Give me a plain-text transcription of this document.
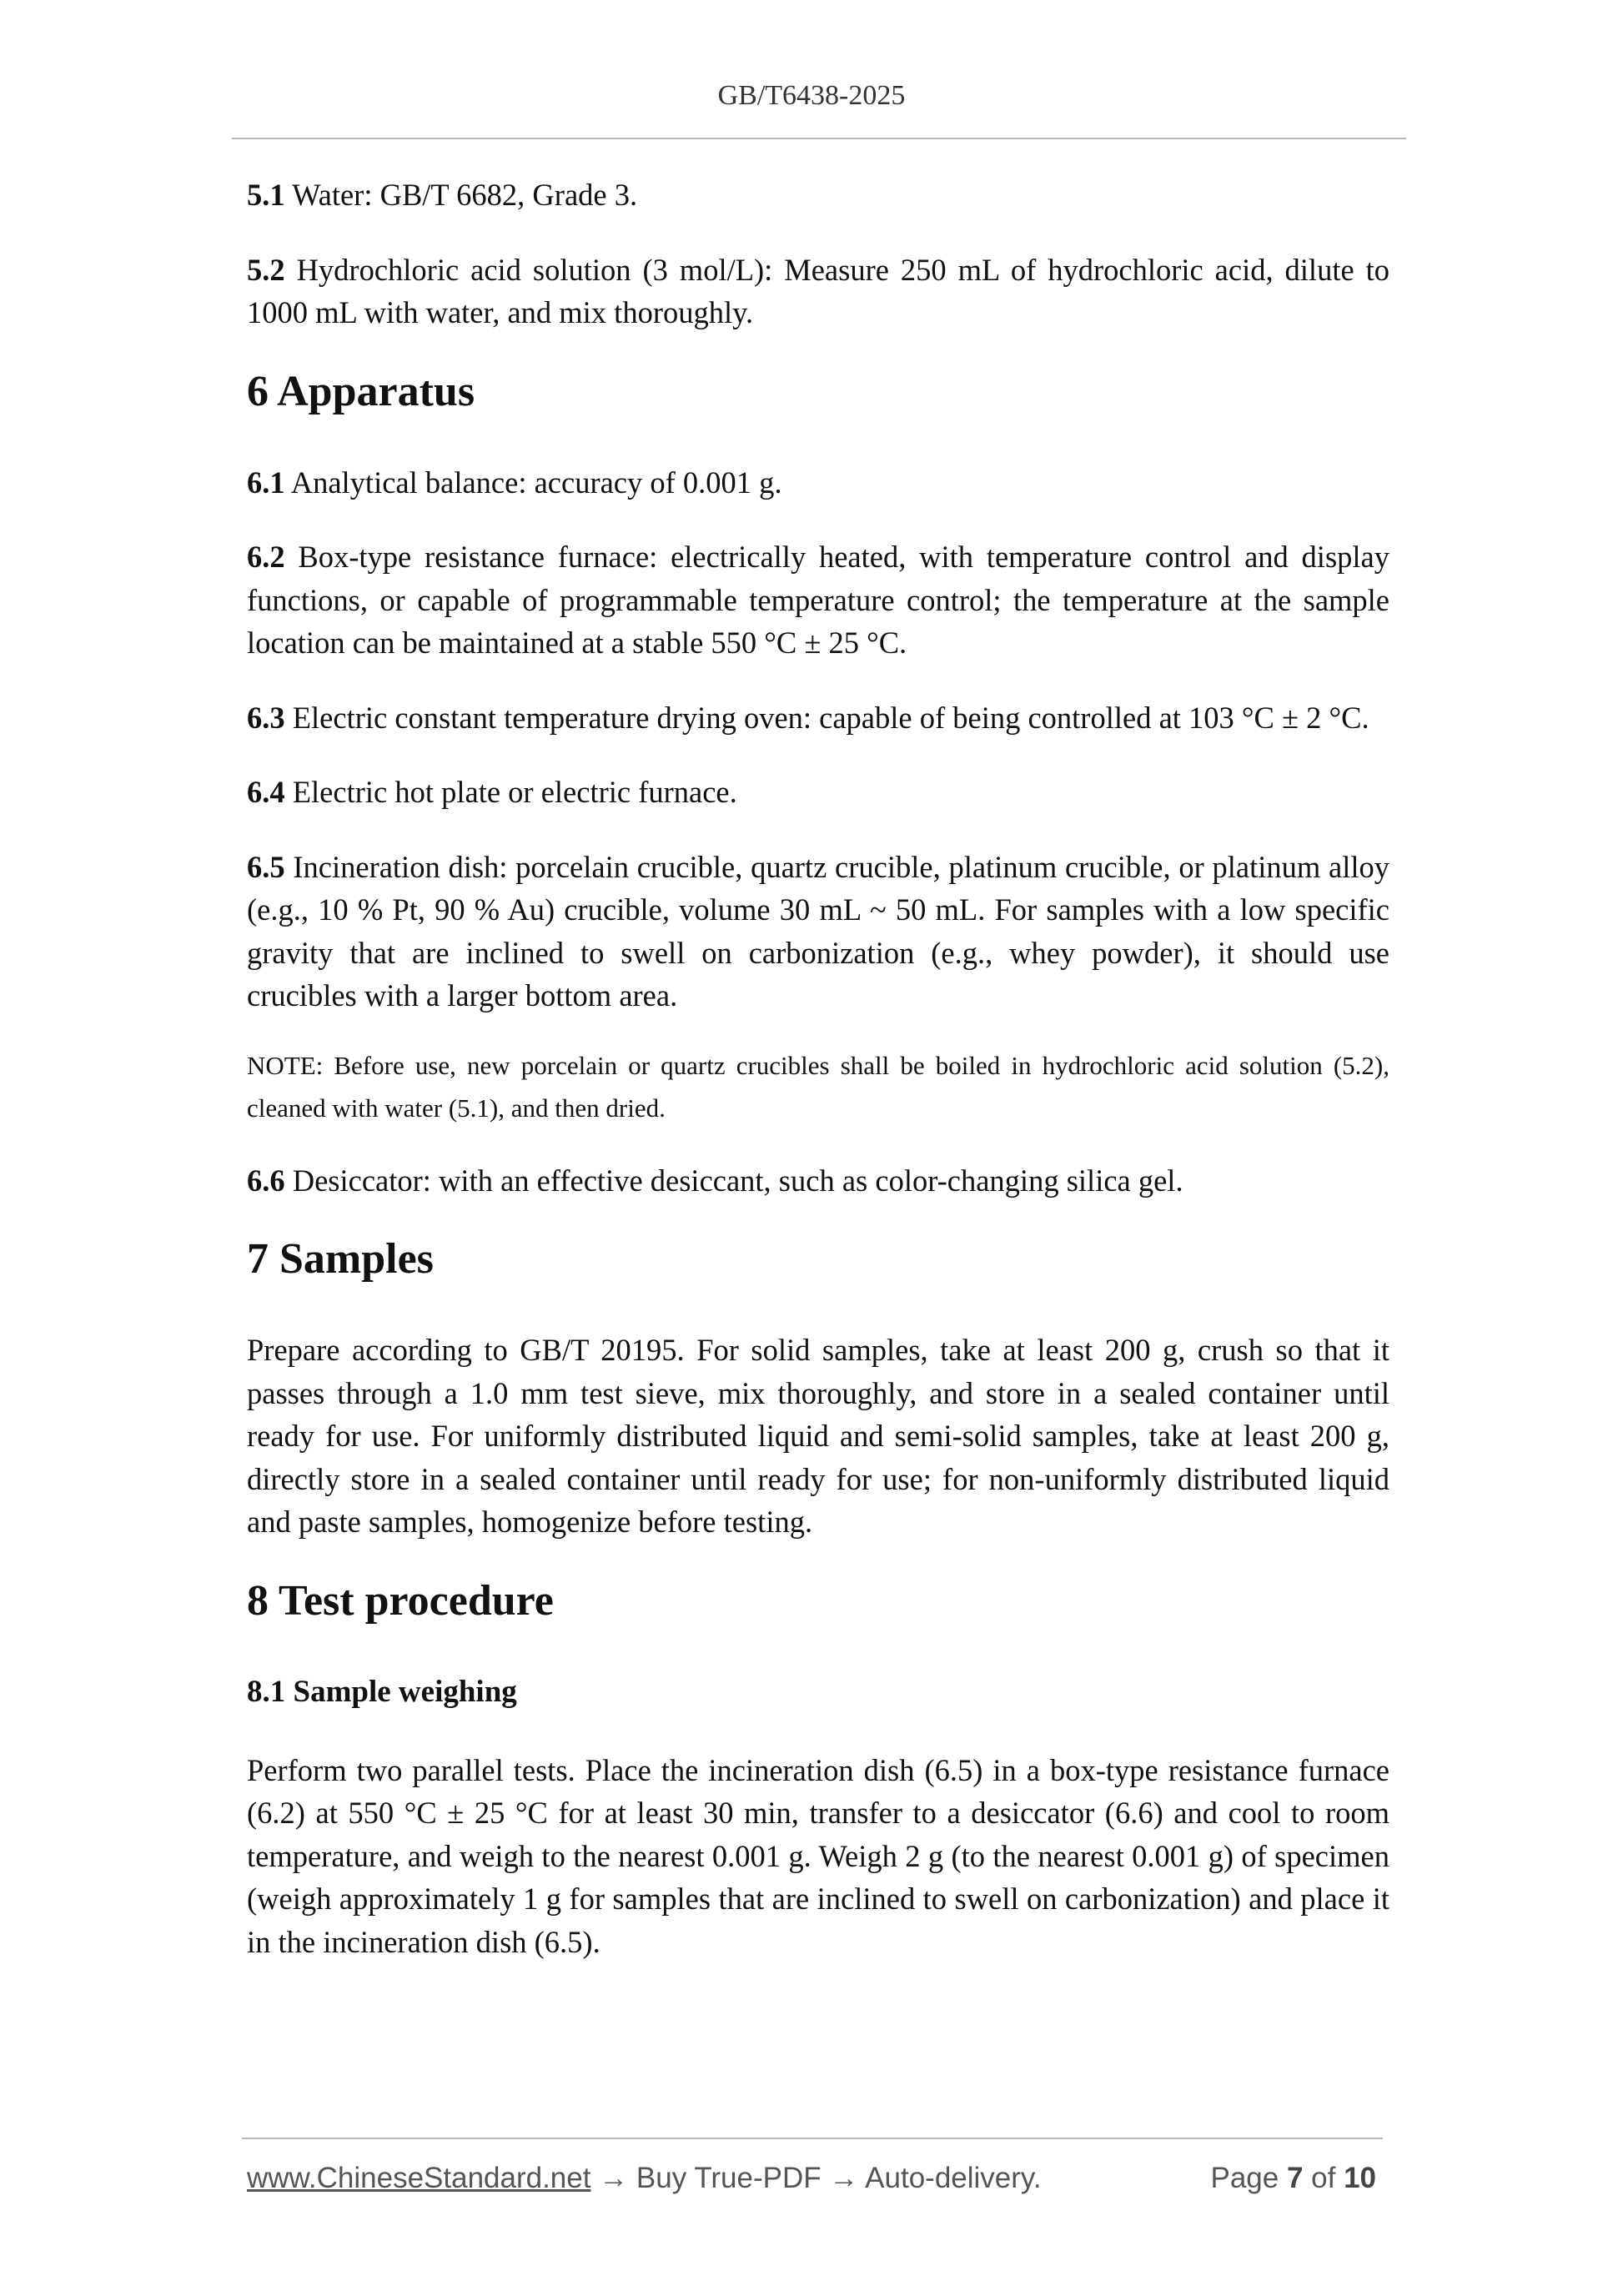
GB/T6438-2025

5.1 Water: GB/T 6682, Grade 3.

5.2 Hydrochloric acid solution (3 mol/L): Measure 250 mL of hydrochloric acid, dilute to 1000 mL with water, and mix thoroughly.

6 Apparatus

6.1 Analytical balance: accuracy of 0.001 g.

6.2 Box-type resistance furnace: electrically heated, with temperature control and display functions, or capable of programmable temperature control; the temperature at the sample location can be maintained at a stable 550 °C ± 25 °C.

6.3 Electric constant temperature drying oven: capable of being controlled at 103 °C ± 2 °C.

6.4 Electric hot plate or electric furnace.

6.5 Incineration dish: porcelain crucible, quartz crucible, platinum crucible, or platinum alloy (e.g., 10 % Pt, 90 % Au) crucible, volume 30 mL ~ 50 mL. For samples with a low specific gravity that are inclined to swell on carbonization (e.g., whey powder), it should use crucibles with a larger bottom area.

NOTE: Before use, new porcelain or quartz crucibles shall be boiled in hydrochloric acid solution (5.2), cleaned with water (5.1), and then dried.

6.6 Desiccator: with an effective desiccant, such as color-changing silica gel.

7 Samples

Prepare according to GB/T 20195. For solid samples, take at least 200 g, crush so that it passes through a 1.0 mm test sieve, mix thoroughly, and store in a sealed container until ready for use. For uniformly distributed liquid and semi-solid samples, take at least 200 g, directly store in a sealed container until ready for use; for non-uniformly distributed liquid and paste samples, homogenize before testing.

8 Test procedure
8.1 Sample weighing

Perform two parallel tests. Place the incineration dish (6.5) in a box-type resistance furnace (6.2) at 550 °C ± 25 °C for at least 30 min, transfer to a desiccator (6.6) and cool to room temperature, and weigh to the nearest 0.001 g. Weigh 2 g (to the nearest 0.001 g) of specimen (weigh approximately 1 g for samples that are inclined to swell on carbonization) and place it in the incineration dish (6.5).

www.ChineseStandard.net → Buy True-PDF → Auto-delivery.	Page 7 of 10
